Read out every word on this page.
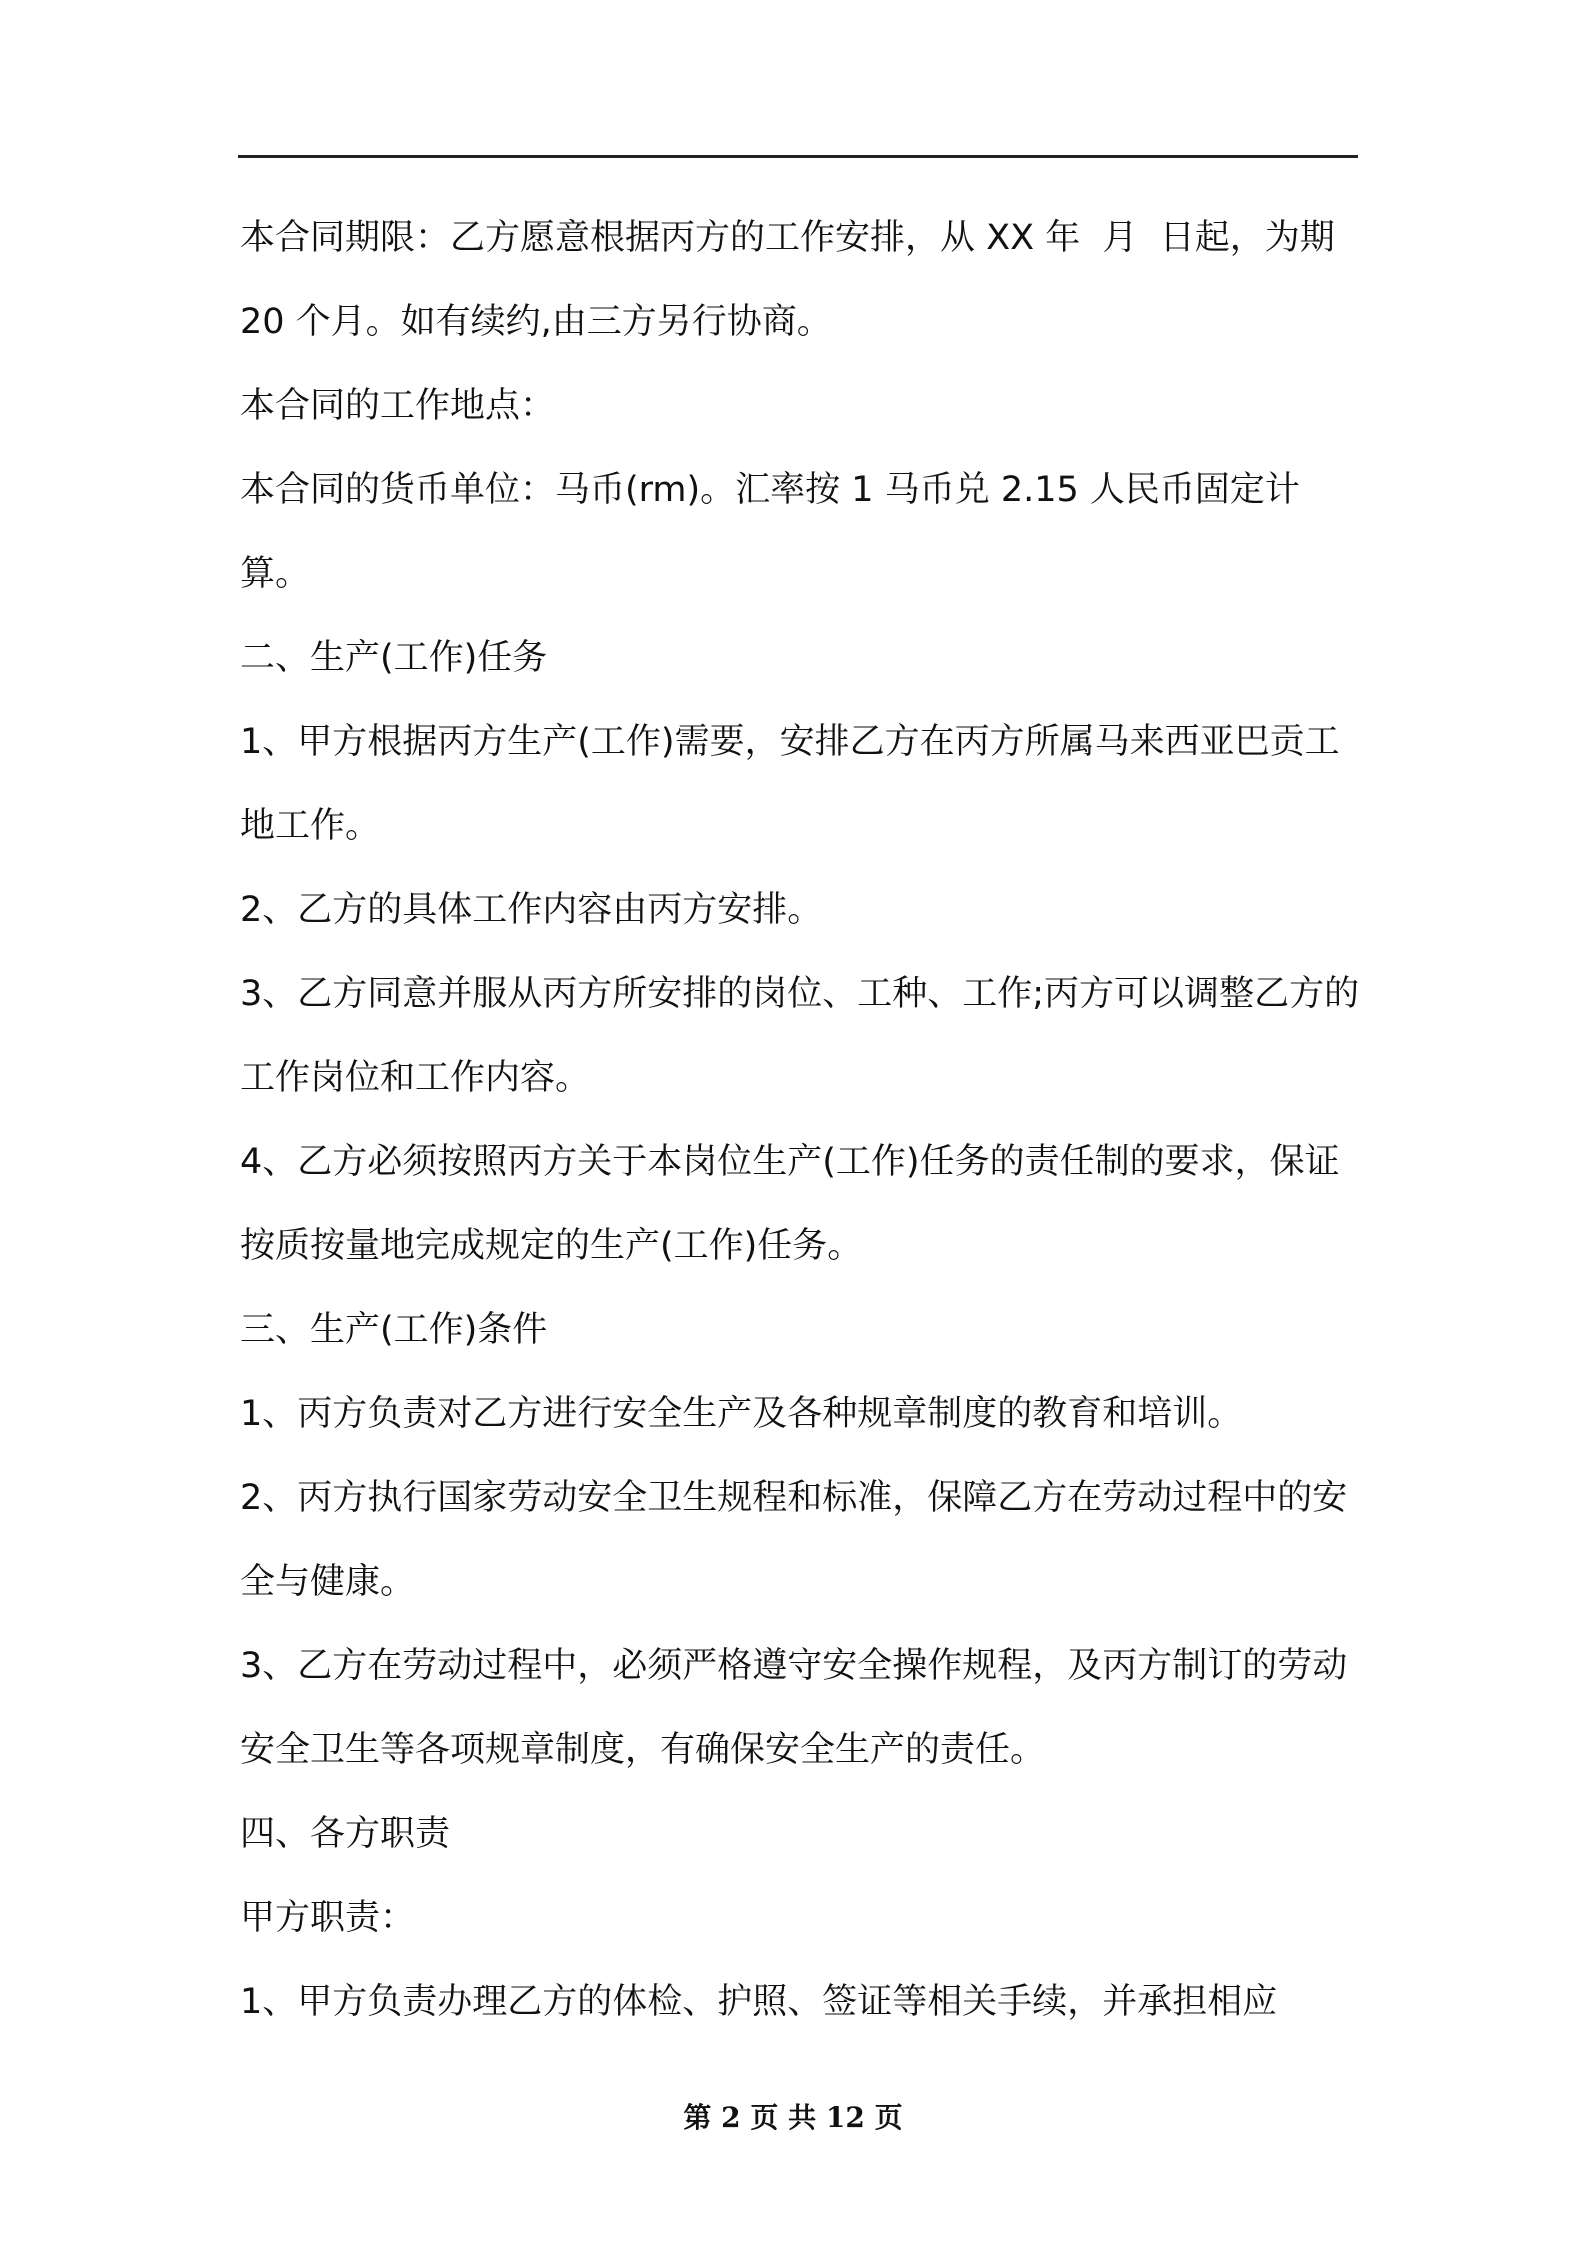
本合同期限：乙方愿意根据丙方的工作安排，从 XX 年  月  日起，为期 20 个月。如有续约,由三方另行协商。

本合同的工作地点：

本合同的货币单位：马币(rm)。汇率按 1 马币兑 2.15 人民币固定计算。

二、生产(工作)任务

1、甲方根据丙方生产(工作)需要，安排乙方在丙方所属马来西亚巴贡工地工作。

2、乙方的具体工作内容由丙方安排。

3、乙方同意并服从丙方所安排的岗位、工种、工作;丙方可以调整乙方的工作岗位和工作内容。

4、乙方必须按照丙方关于本岗位生产(工作)任务的责任制的要求，保证按质按量地完成规定的生产(工作)任务。

三、生产(工作)条件

1、丙方负责对乙方进行安全生产及各种规章制度的教育和培训。

2、丙方执行国家劳动安全卫生规程和标准，保障乙方在劳动过程中的安全与健康。

3、乙方在劳动过程中，必须严格遵守安全操作规程，及丙方制订的劳动安全卫生等各项规章制度，有确保安全生产的责任。

四、各方职责

甲方职责：

1、甲方负责办理乙方的体检、护照、签证等相关手续，并承担相应

第 2 页 共 12 页
